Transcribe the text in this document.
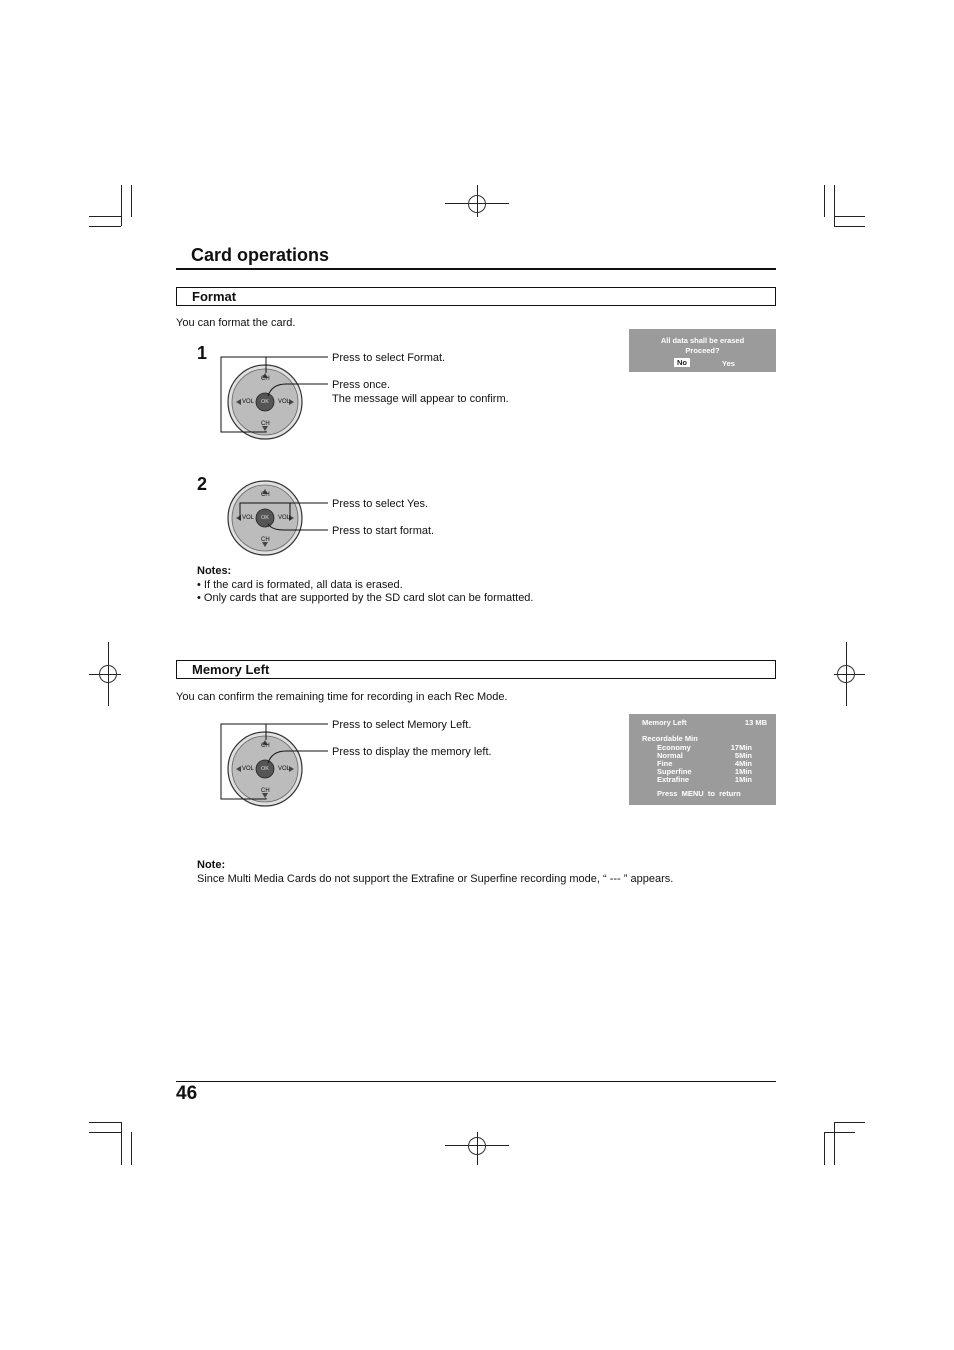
Card operations
Format
You can format the card.
1
CH
CH
VOL	VOL
OK
CH
CH
VOL	VOL
OK
CH
CH
VOL	VOL
OK
Press to select Format.
Press once.
The message will appear to confirm.
All data shall be erased
Proceed?
No	Yes
2
Press to select Yes.
Press to start format.
Notes:
• If the card is formated, all data is erased.
• Only cards that are supported by the SD card slot can be formatted.
Memory Left
You can confirm the remaining time for recording in each Rec Mode.
Press to select Memory Left.
Press to display the memory left.
Memory Left	13 MB
Recordable Min
Economy	17Min
Normal	5Min
Fine	4Min
Superfine	1Min
Extrafine	1Min
Press  MENU  to  return
Note:
Since Multi Media Cards do not support the Extrafine or Superfine recording mode, “ --- ” appears.
46
